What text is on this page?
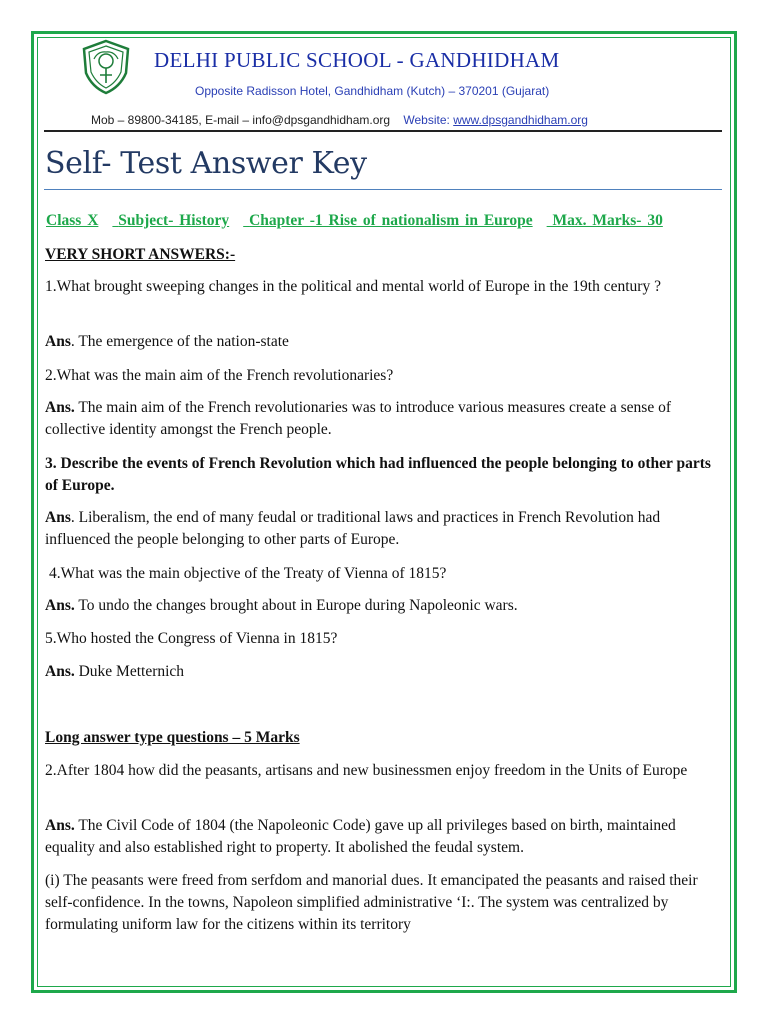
DELHI PUBLIC SCHOOL - GANDHIDHAM
Opposite Radisson Hotel, Gandhidham (Kutch) – 370201 (Gujarat)
Mob – 89800-34185, E-mail – info@dpsgandhidham.org Website: www.dpsgandhidham.org
Self- Test Answer Key
Class X Subject- History Chapter -1 Rise of nationalism in Europe Max. Marks- 30
VERY SHORT ANSWERS:-
1.What brought sweeping changes in the political and mental world of Europe in the 19th century ?
Ans. The emergence of the nation-state
2.What was the main aim of the French revolutionaries?
Ans. The main aim of the French revolutionaries was to introduce various measures create a sense of collective identity amongst the French people.
3. Describe the events of French Revolution which had influenced the people belonging to other parts of Europe.
Ans. Liberalism, the end of many feudal or traditional laws and practices in French Revolution had influenced the people belonging to other parts of Europe.
4.What was the main objective of the Treaty of Vienna of 1815?
Ans. To undo the changes brought about in Europe during Napoleonic wars.
5.Who hosted the Congress of Vienna in 1815?
Ans. Duke Metternich
Long answer type questions – 5 Marks
2.After 1804 how did the peasants, artisans and new businessmen enjoy freedom in the Units of Europe
Ans. The Civil Code of 1804 (the Napoleonic Code) gave up all privileges based on birth, maintained equality and also established right to property. It abolished the feudal system.
(i) The peasants were freed from serfdom and manorial dues. It emancipated the peasants and raised their self-confidence. In the towns, Napoleon simplified administrative ‘I:. The system was centralized by formulating uniform law for the citizens within its territory
